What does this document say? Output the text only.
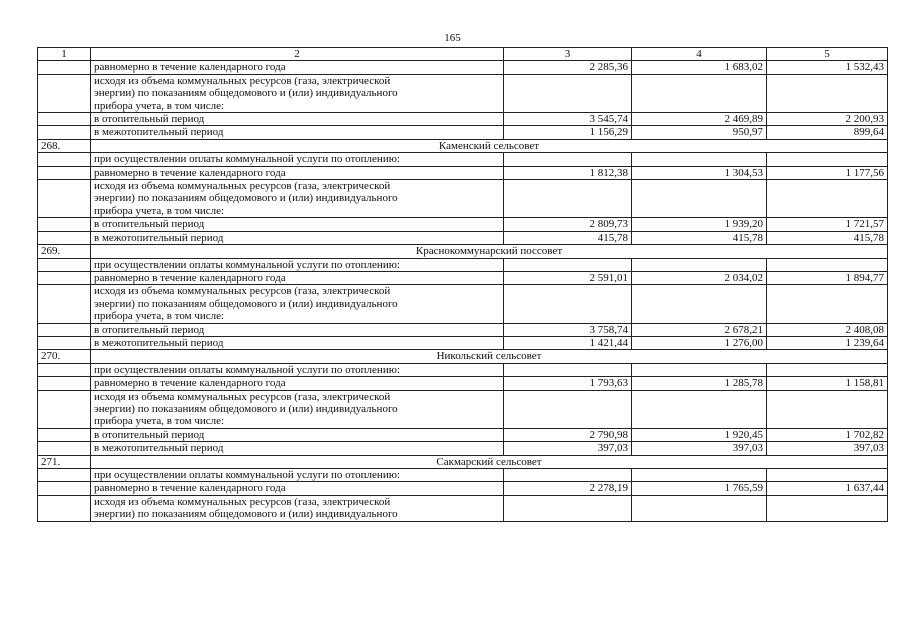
165
1	2	3	4	5
	равномерно в течение календарного года	2 285,36	1 683,02	1 532,43

	исходя из объема коммунальных ресурсов (газа, электрической
энергии) по показаниям общедомового и (или) индивидуального
прибора учета, в том числе:			

	в отопительный период	3 545,74	2 469,89	2 200,93
	в межотопительный период	1 156,29	950,97	899,64
268.	Каменский сельсовет			

	при осуществлении оплаты коммунальной услуги по отоплению:			

	равномерно в течение календарного года	1 812,38	1 304,53	1 177,56

	исходя из объема коммунальных ресурсов (газа, электрической
энергии) по показаниям общедомового и (или) индивидуального
прибора учета, в том числе:			

	в отопительный период	2 809,73	1 939,20	1 721,57
	в межотопительный период	415,78	415,78	415,78
269.	Краснокоммунарский поссовет			

	при осуществлении оплаты коммунальной услуги по отоплению:			

	равномерно в течение календарного года	2 591,01	2 034,02	1 894,77

	исходя из объема коммунальных ресурсов (газа, электрической
энергии) по показаниям общедомового и (или) индивидуального
прибора учета, в том числе:			

	в отопительный период	3 758,74	2 678,21	2 408,08
	в межотопительный период	1 421,44	1 276,00	1 239,64
270.	Никольский сельсовет			

	при осуществлении оплаты коммунальной услуги по отоплению:			

	равномерно в течение календарного года	1 793,63	1 285,78	1 158,81

	исходя из объема коммунальных ресурсов (газа, электрической
энергии) по показаниям общедомового и (или) индивидуального
прибора учета, в том числе:			

	в отопительный период	2 790,98	1 920,45	1 702,82
	в межотопительный период	397,03	397,03	397,03
271.	Сакмарский сельсовет			

	при осуществлении оплаты коммунальной услуги по отоплению:			

	равномерно в течение календарного года	2 278,19	1 765,59	1 637,44

	исходя из объема коммунальных ресурсов (газа, электрической
энергии) по показаниям общедомового и (или) индивидуального			
